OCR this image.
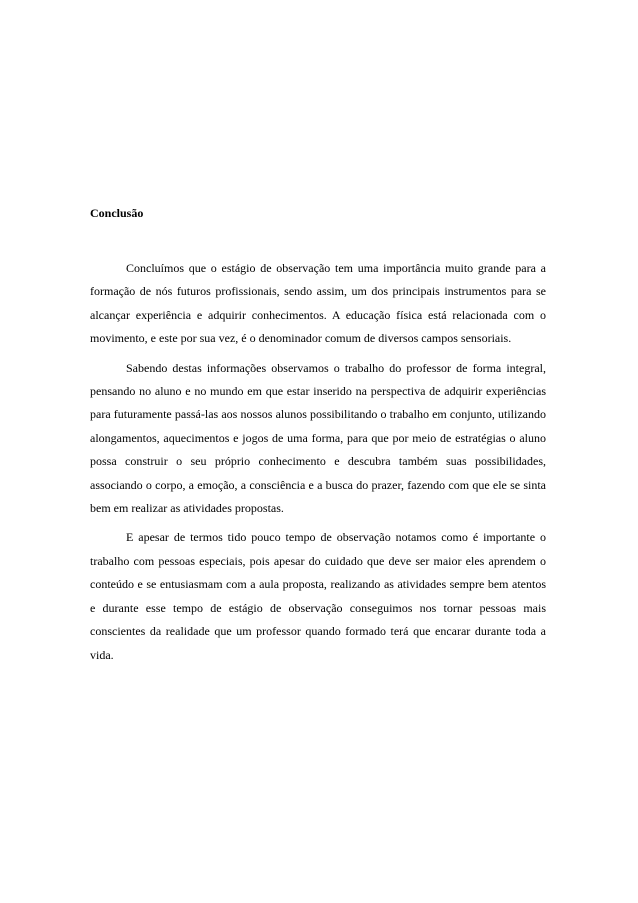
Conclusão

Concluímos que o estágio de observação tem uma importância muito grande para a formação de nós futuros profissionais, sendo assim, um dos principais instrumentos para se alcançar experiência e adquirir conhecimentos. A educação física está relacionada com o movimento, e este por sua vez, é o denominador comum de diversos campos sensoriais.

Sabendo destas informações observamos o trabalho do professor de forma integral, pensando no aluno e no mundo em que estar inserido na perspectiva de adquirir experiências para futuramente passá-las aos nossos alunos possibilitando o trabalho em conjunto, utilizando alongamentos, aquecimentos e jogos de uma forma, para que por meio de estratégias o aluno possa construir o seu próprio conhecimento e descubra também suas possibilidades, associando o corpo, a emoção, a consciência e a busca do prazer, fazendo com que ele se sinta bem em realizar as atividades propostas.

E apesar de termos tido pouco tempo de observação notamos como é importante o trabalho com pessoas especiais, pois apesar do cuidado que deve ser maior eles aprendem o conteúdo e se entusiasmam com a aula proposta, realizando as atividades sempre bem atentos e durante esse tempo de estágio de observação conseguimos nos tornar pessoas mais conscientes da realidade que um professor quando formado terá que encarar durante toda a vida.
